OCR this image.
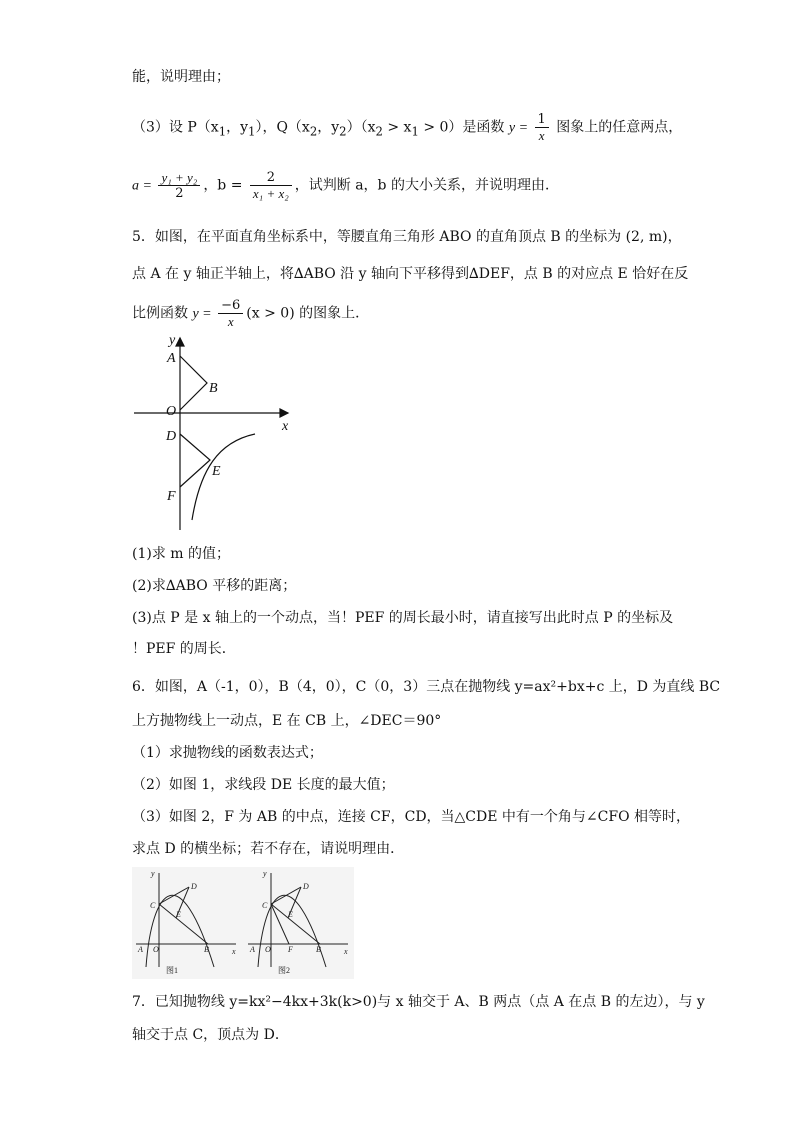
能，说明理由；
（3）设 $P(x_1$，$y_1$），$Q(x_2$，$y_2)(x_2 > x_1 > 0)$是函数 $y = \frac{1}{x}$ 图象上的任意两点，
$a = \frac{\text{y₁ + y₂}}{2}$ ，$b = \frac{2}{\text{x₁ + x₂}}$ ，试判断 a，b 的大小关系，并说明理由．
5．如图，在平面直角坐标系中，等腰直角三角形 ABO 的直角顶点 B 的坐标为 (2, m)，
点 A 在 y 轴正半轴上，将∆ABO 沿 y 轴向下平移得到∆DEF，点 B 的对应点 E 恰好在反
比例函数 $y = \frac{-6}{x} (x > 0)$ 的图象上．
y
x
A
B
O
D
E
F
(1)求 m 的值；
(2)求∆ABO 平移的距离；
(3)点 P 是 x 轴上的一个动点，当！PEF 的周长最小时，请直接写出此时点 P 的坐标及
！PEF 的周长．
6．如图，A（-1，0），B（4，0），C（0，3）三点在抛物线 y=ax²+bx+c 上，D 为直线 BC
上方抛物线上一动点，E 在 CB 上，∠DEC＝90°
（1）求抛物线的函数表达式；
（2）如图 1，求线段 DE 长度的最大值；
（3）如图 2，F 为 AB 的中点，连接 CF，CD，当△CDE 中有一个角与∠CFO 相等时，
求点 D 的横坐标；若不存在，请说明理由．
y
x
C
D
E
A O	B
图1
y
x
C
D
E
A O F	B
图2
7．已知抛物线 y=kx²−4kx+3k(k>0)与 x 轴交于 A、B 两点（点 A 在点 B 的左边），与 y
轴交于点 C，顶点为 D．
